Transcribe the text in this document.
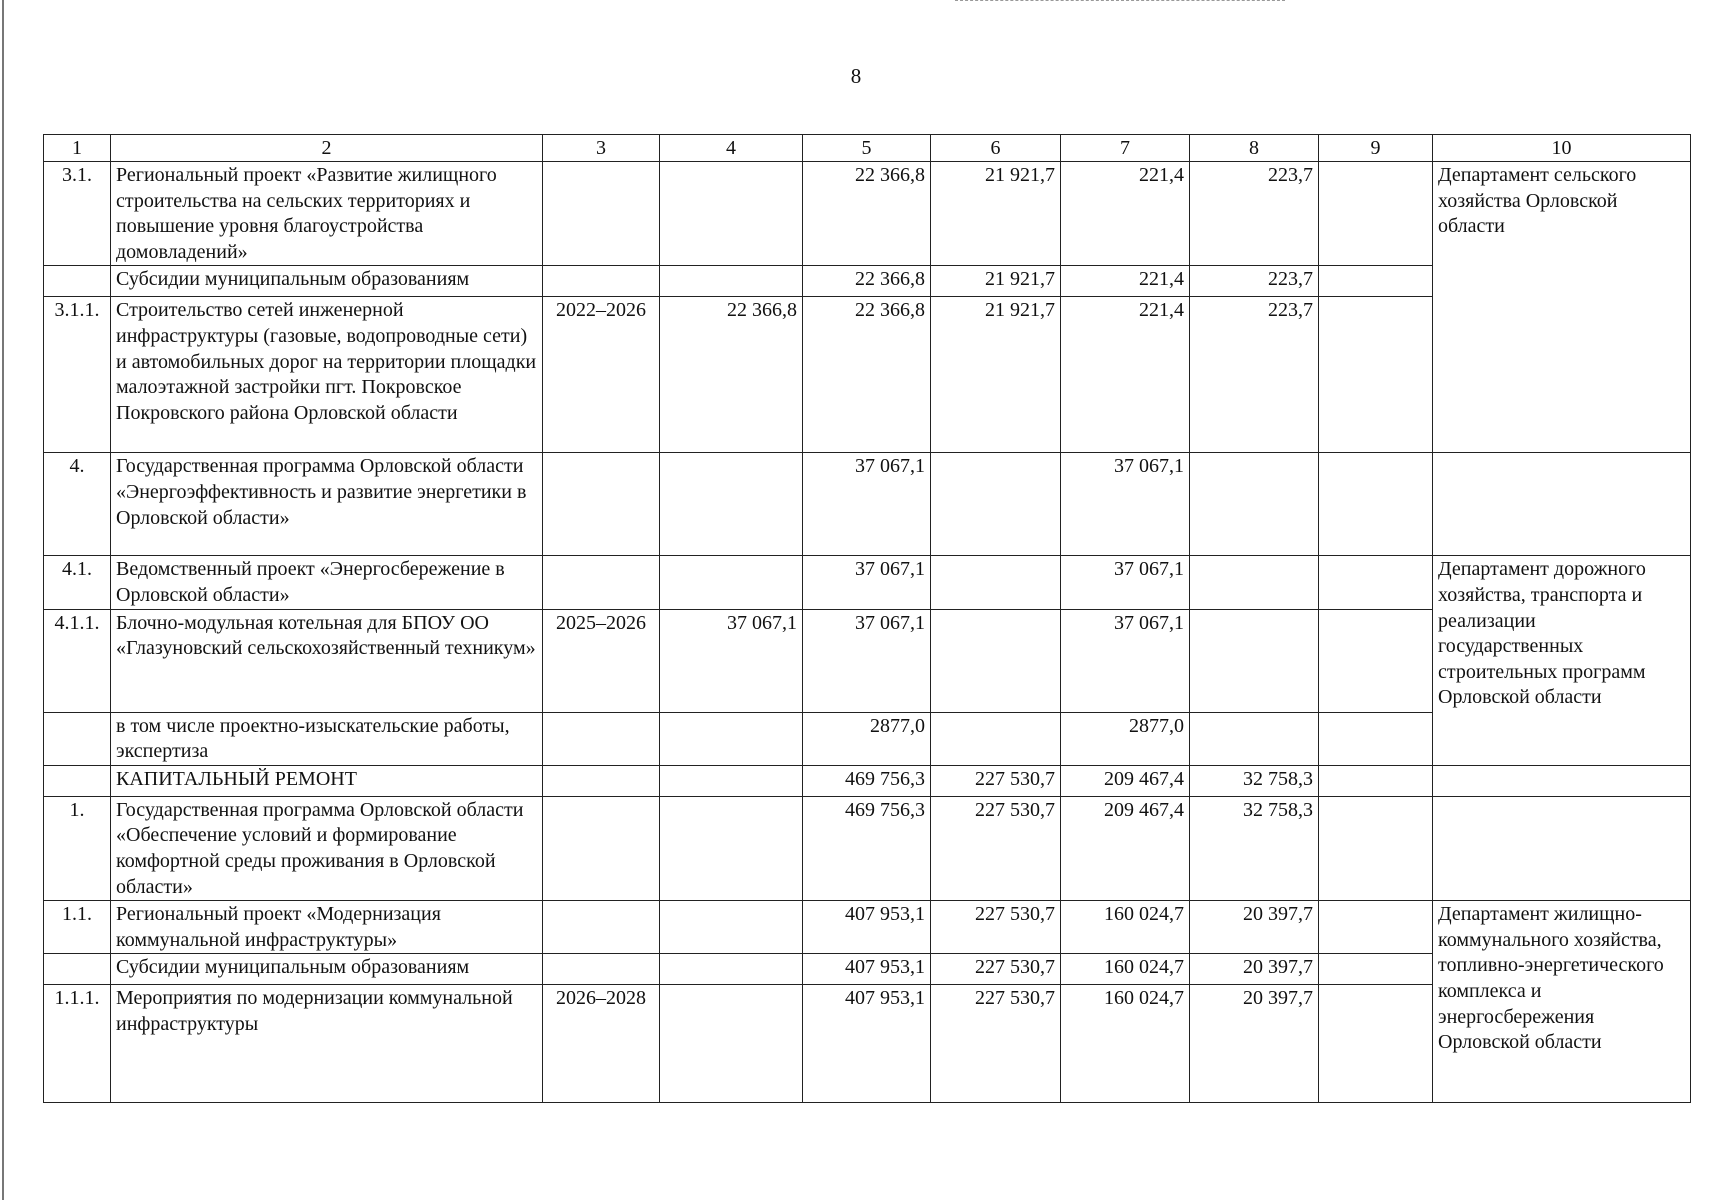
8
1	2	3	4	5	6	7	8	9	10
3.1.	Региональный проект «Развитие жилищного строительства на сельских территориях и повышение уровня благоустройства домовладений»			22 366,8	21 921,7	221,4	223,7		Департамент сельского хозяйства Орловской области
	Субсидии муниципальным образованиям			22 366,8	21 921,7	221,4	223,7		
3.1.1.	Строительство сетей инженерной инфраструктуры (газовые, водопроводные сети) и автомобильных дорог на территории площадки малоэтажной застройки пгт. Покровское Покровского района Орловской области	2022–2026	22 366,8	22 366,8	21 921,7	221,4	223,7		
4.	Государственная программа Орловской области «Энергоэффективность и развитие энергетики в Орловской области»			37 067,1		37 067,1			
4.1.	Ведомственный проект «Энергосбережение в Орловской области»			37 067,1		37 067,1			Департамент дорожного хозяйства, транспорта и реализации государственных строительных программ Орловской области
4.1.1.	Блочно-модульная котельная для БПОУ ОО «Глазуновский сельскохозяйственный техникум»	2025–2026	37 067,1	37 067,1		37 067,1			
	в том числе проектно-изыскательские работы, экспертиза			2877,0		2877,0			
	КАПИТАЛЬНЫЙ РЕМОНТ			469 756,3	227 530,7	209 467,4	32 758,3		
1.	Государственная программа Орловской области «Обеспечение условий и формирование комфортной среды проживания в Орловской области»			469 756,3	227 530,7	209 467,4	32 758,3		
1.1.	Региональный проект «Модернизация коммунальной инфраструктуры»			407 953,1	227 530,7	160 024,7	20 397,7		Департамент жилищно-коммунального хозяйства, топливно-энергетического комплекса и энергосбережения Орловской области
	Субсидии муниципальным образованиям			407 953,1	227 530,7	160 024,7	20 397,7		
1.1.1.	Мероприятия по модернизации коммунальной инфраструктуры	2026–2028		407 953,1	227 530,7	160 024,7	20 397,7		
